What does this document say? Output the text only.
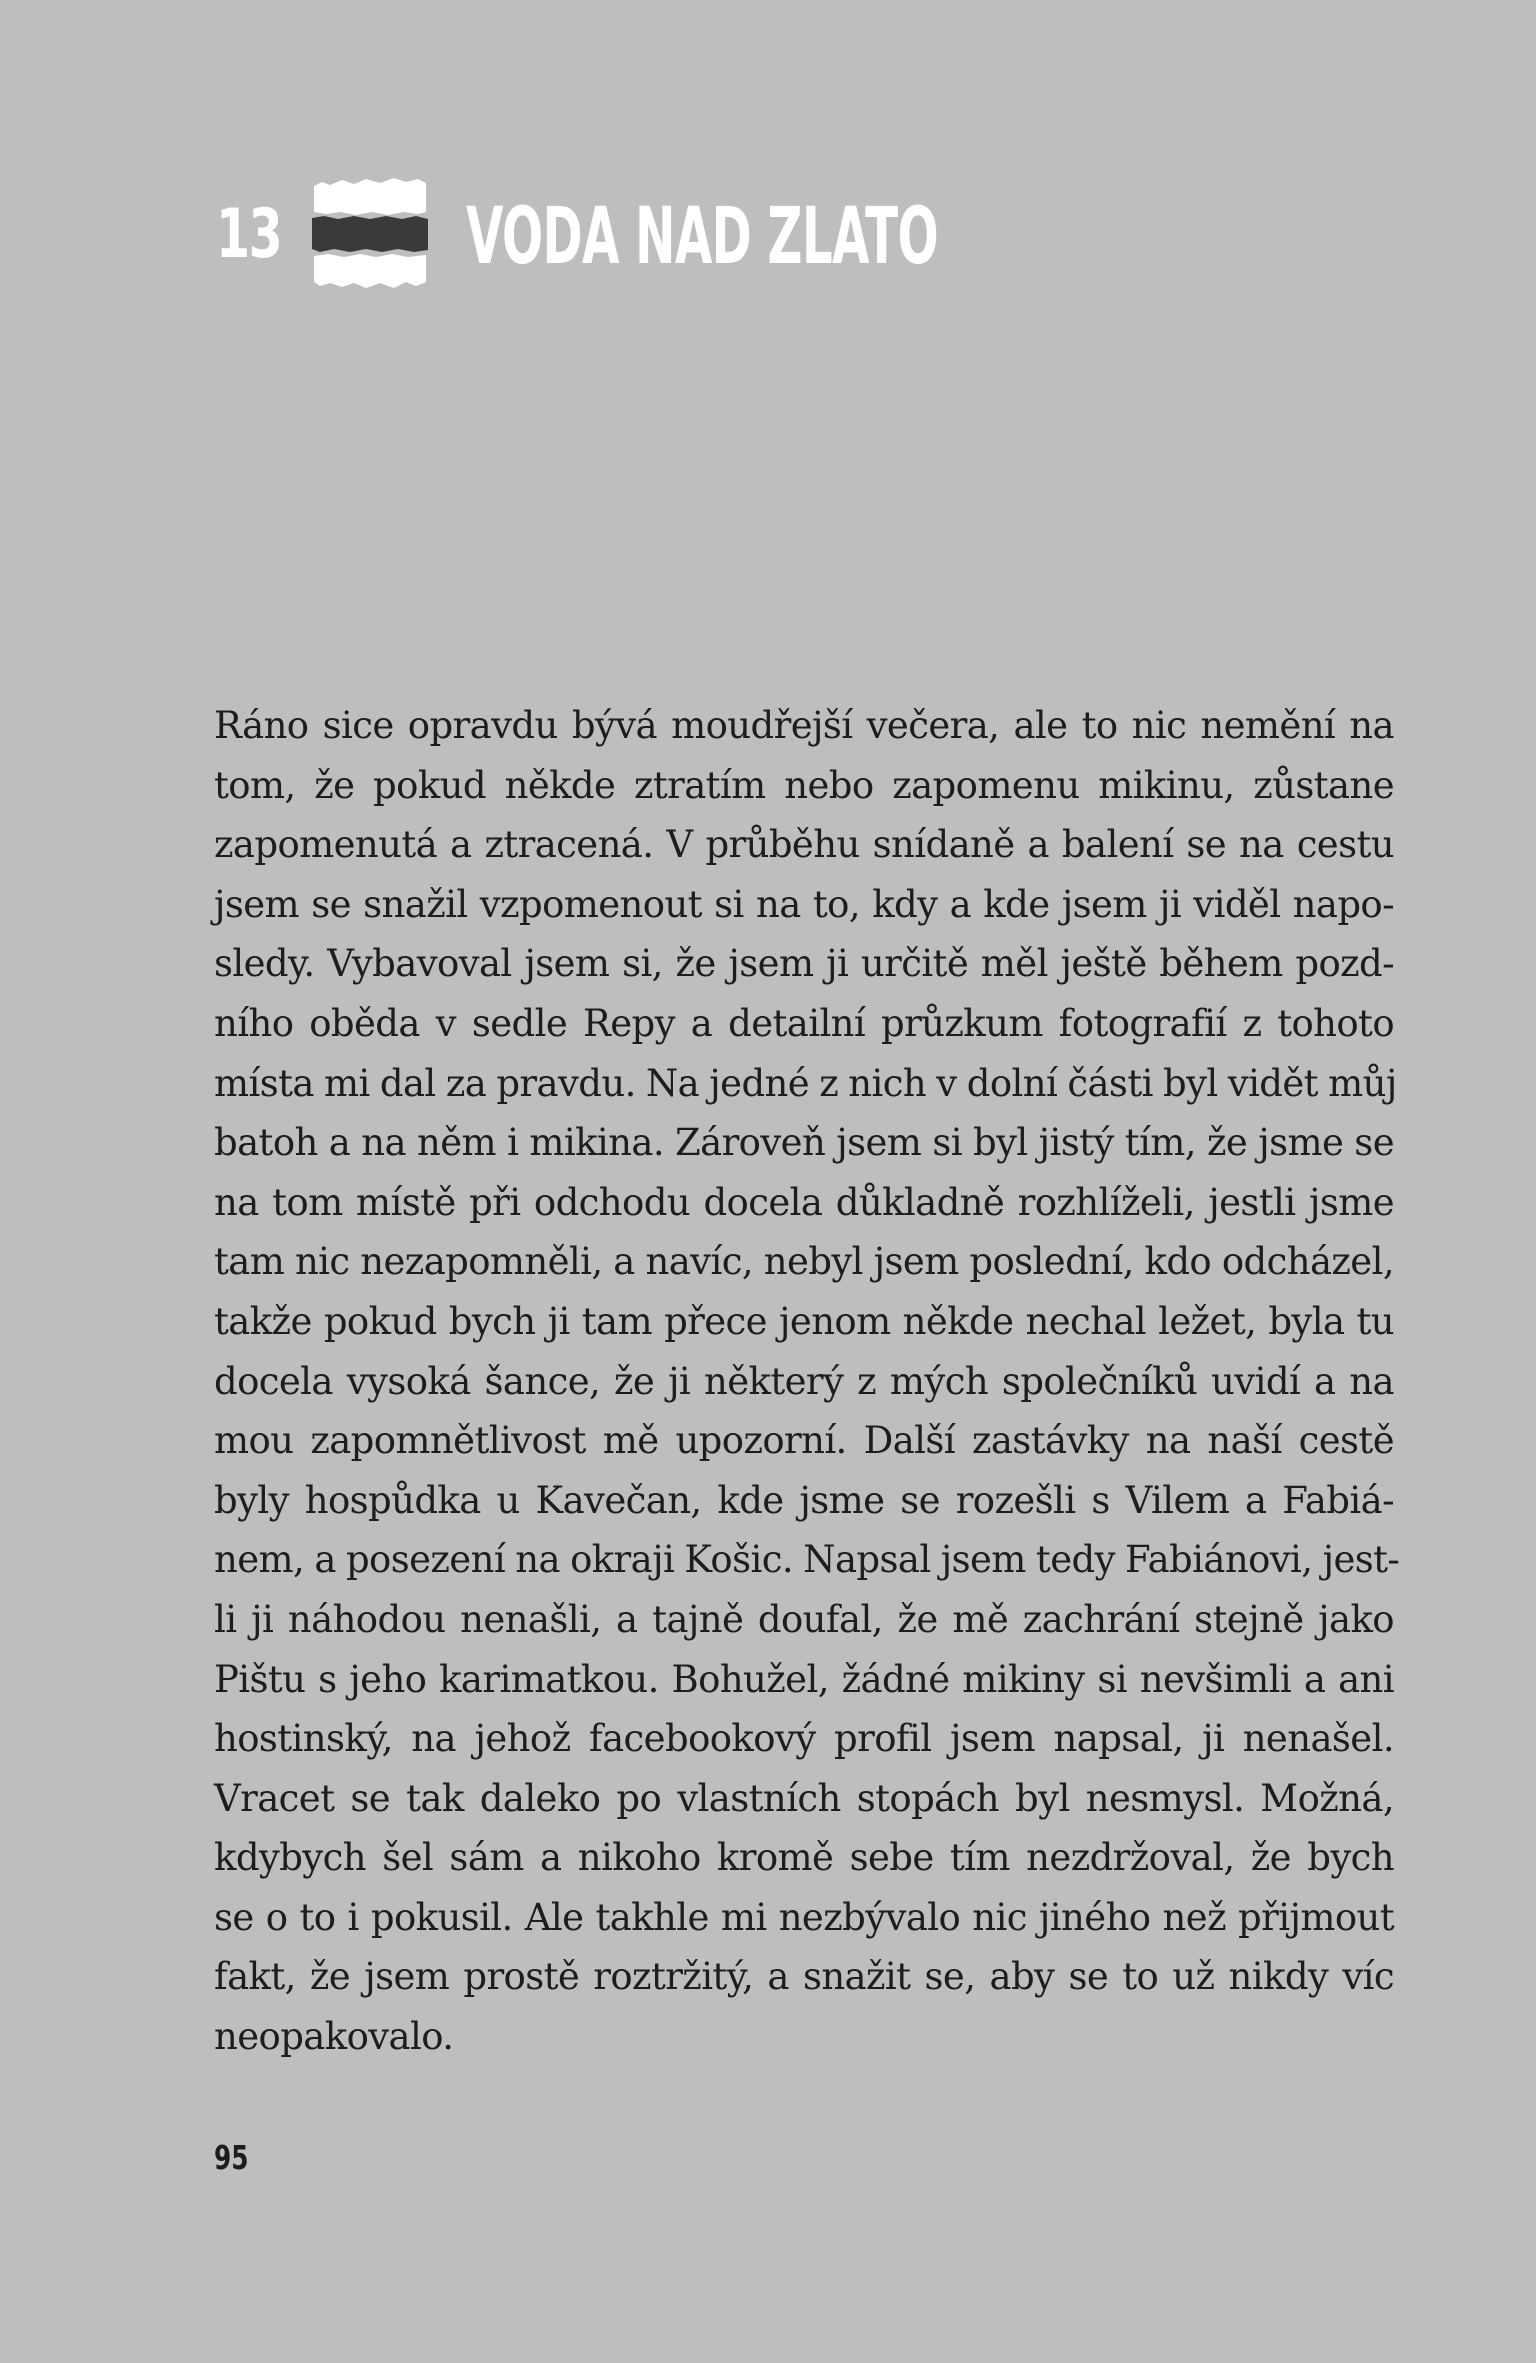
13 VODA NAD ZLATO
Ráno sice opravdu bývá moudřejší večera, ale to nic nemění na
tom, že pokud někde ztratím nebo zapomenu mikinu, zůstane
zapomenutá a ztracená. V průběhu snídaně a balení se na cestu
jsem se snažil vzpomenout si na to, kdy a kde jsem ji viděl napo-
sledy. Vybavoval jsem si, že jsem ji určitě měl ještě během pozd-
ního oběda v sedle Repy a detailní průzkum fotografií z tohoto
místa mi dal za pravdu. Na jedné z nich v dolní části byl vidět můj
batoh a na něm i mikina. Zároveň jsem si byl jistý tím, že jsme se
na tom místě při odchodu docela důkladně rozhlíželi, jestli jsme
tam nic nezapomněli, a navíc, nebyl jsem poslední, kdo odcházel,
takže pokud bych ji tam přece jenom někde nechal ležet, byla tu
docela vysoká šance, že ji některý z mých společníků uvidí a na
mou zapomnětlivost mě upozorní. Další zastávky na naší cestě
byly hospůdka u Kavečan, kde jsme se rozešli s Vilem a Fabiá-
nem, a posezení na okraji Košic. Napsal jsem tedy Fabiánovi, jest-
li ji náhodou nenašli, a tajně doufal, že mě zachrání stejně jako
Pištu s jeho karimatkou. Bohužel, žádné mikiny si nevšimli a ani
hostinský, na jehož facebookový profil jsem napsal, ji nenašel.
Vracet se tak daleko po vlastních stopách byl nesmysl. Možná,
kdybych šel sám a nikoho kromě sebe tím nezdržoval, že bych
se o to i pokusil. Ale takhle mi nezbývalo nic jiného než přijmout
fakt, že jsem prostě roztržitý, a snažit se, aby se to už nikdy víc
neopakovalo.
95
